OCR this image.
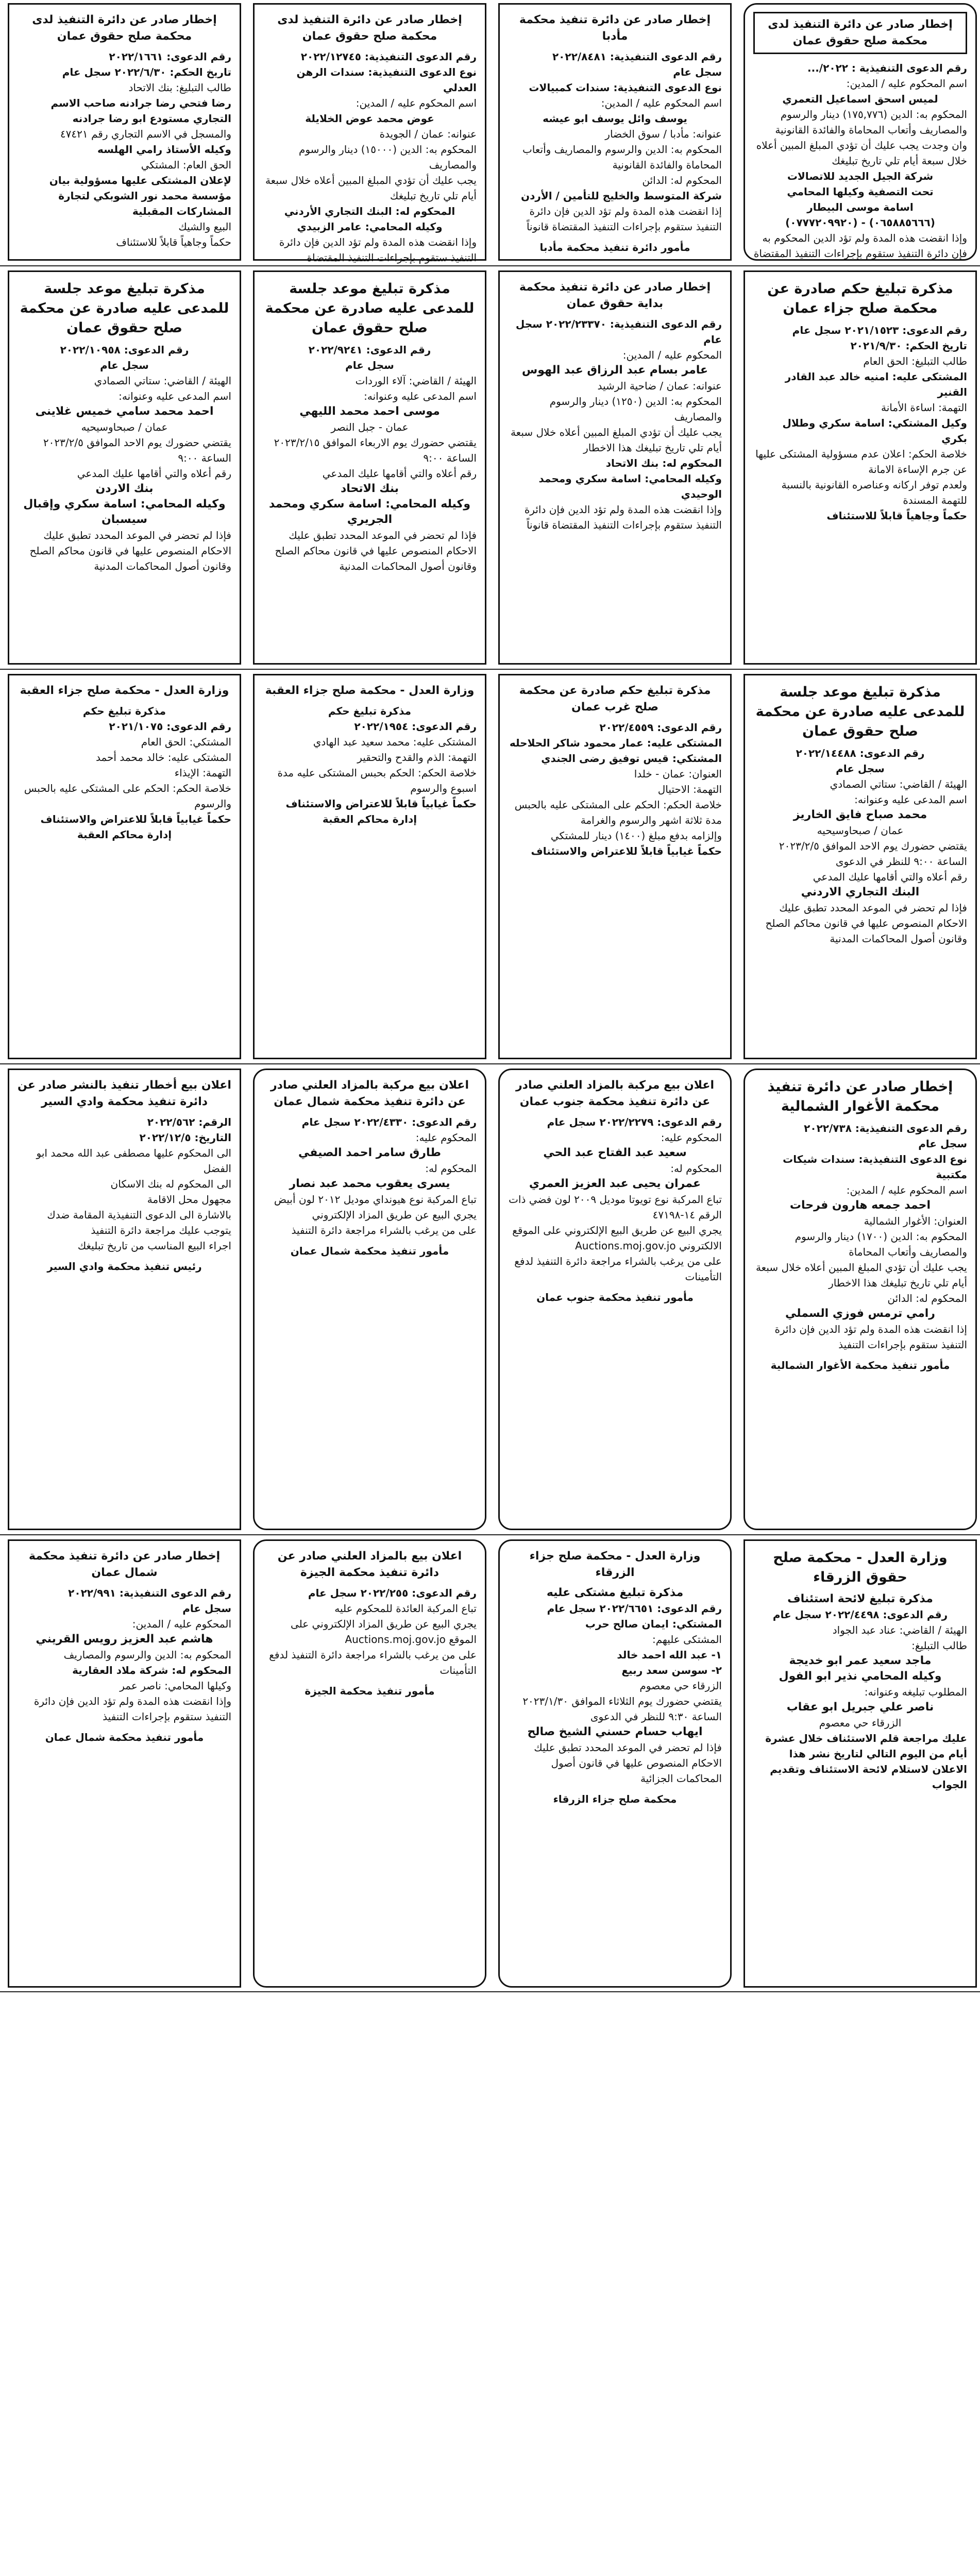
إخطار صادر عن دائرة التنفيذ لدى محكمة صلح حقوق عمان

رقم الدعوى التنفيذية : ٢٠٢٢/...

اسم المحكوم عليه / المدين:

لميس اسحق اسماعيل التعمري

المحكوم به: الدين (١٧٥,٧٧٦) دينار والرسوم والمصاريف وأتعاب المحاماة والفائدة القانونية

وان وجدت يجب عليك أن تؤدي المبلغ المبين أعلاه خلال سبعة أيام تلي تاريخ تبليغك

شركة الجيل الجديد للاتصالات

تحت التصفية وكيلها المحامي

اسامة موسى البيطار

(٠٦٥٨٨٥٦٦٦) - (٠٧٧٧٢٠٩٩٢٠)

وإذا انقضت هذه المدة ولم تؤد الدين المحكوم به فإن دائرة التنفيذ ستقوم بإجراءات التنفيذ المقتضاة

مذكرة تبليغ حكم صادرة عن محكمة صلح جزاء عمان

رقم الدعوى: ٢٠٢١/١٥٢٣ سجل عام

تاريخ الحكم: ٢٠٢١/٩/٣٠

طالب التبليغ: الحق العام

المشتكى عليه: امنيه خالد عبد القادر القنير

التهمة: اساءة الأمانة

وكيل المشتكي: اسامة سكري وطلال بكري

خلاصة الحكم: اعلان عدم مسؤولية المشتكى عليها عن جرم الإساءة الامانة

ولعدم توفر اركانه وعناصره القانونية بالنسبة للتهمة المسندة

حكماً وجاهياً قابلاً للاستئناف

مذكرة تبليغ موعد جلسة للمدعى عليه صادرة عن محكمة صلح حقوق عمان

رقم الدعوى: ٢٠٢٢/١٤٤٨٨

سجل عام

الهيئة / القاضي: ستاتي الصمادي

اسم المدعى عليه وعنوانه:

محمد صباح فايق الخاريز

عمان / صبحاوسيحيه

يقتضي حضورك يوم الاحد الموافق ٢٠٢٣/٢/٥ الساعة ٩:٠٠ للنظر في الدعوى

رقم أعلاه والتي أقامها عليك المدعي

البنك التجاري الاردني

فإذا لم تحضر في الموعد المحدد تطبق عليك الاحكام المنصوص عليها في قانون محاكم الصلح وقانون أصول المحاكمات المدنية

إخطار صادر عن دائرة تنفيذ محكمة الأغوار الشمالية

رقم الدعوى التنفيذية: ٢٠٢٢/٧٣٨

سجل عام

نوع الدعوى التنفيذية: سندات شيكات مكتبية

اسم المحكوم عليه / المدين:

احمد جمعه هارون فرحات

العنوان: الأغوار الشمالية

المحكوم به: الدين (١٧٠٠) دينار والرسوم والمصاريف وأتعاب المحاماة

يجب عليك أن تؤدي المبلغ المبين أعلاه خلال سبعة أيام تلي تاريخ تبليغك هذا الاخطار

المحكوم له: الدائن

رامي ترمس فوزي السملي

إذا انقضت هذه المدة ولم تؤد الدين فإن دائرة التنفيذ ستقوم بإجراءات التنفيذ

مأمور تنفيذ محكمة الأغوار الشمالية
وزارة العدل - محكمة صلح حقوق الزرقاء

مذكرة تبليغ لائحة استئناف

رقم الدعوى: ٢٠٢٢/٤٤٩٨ سجل عام

الهيئة / القاضي: عناد عبد الجواد

طالب التبليغ:

ماجد سعيد عمر ابو خديجة

وكيله المحامي نذير ابو الفول

المطلوب تبليغه وعنوانه:

ناصر علي جبريل ابو عقاب

الزرقاء حي معصوم

عليك مراجعة قلم الاستئناف خلال عشرة أيام من اليوم التالي لتاريخ نشر هذا الاعلان لاستلام لائحة الاستئناف وتقديم الجواب

إخطار صادر عن دائرة تنفيذ محكمة مأدبا

رقم الدعوى التنفيذية: ٢٠٢٢/٨٤٨١

سجل عام

نوع الدعوى التنفيذية: سندات كمبيالات

اسم المحكوم عليه / المدين:

يوسف وائل يوسف ابو عيشه

عنوانه: مأدبا / سوق الخضار

المحكوم به: الدين والرسوم والمصاريف وأتعاب المحاماة والفائدة القانونية

المحكوم له: الدائن

شركة المتوسط والخليج للتأمين / الأردن

إذا انقضت هذه المدة ولم تؤد الدين فإن دائرة التنفيذ ستقوم بإجراءات التنفيذ المقتضاة قانوناً

مأمور دائرة تنفيذ محكمة مأدبا
إخطار صادر عن دائرة تنفيذ محكمة بداية حقوق عمان

رقم الدعوى التنفيذية: ٢٠٢٢/٢٣٣٧٠ سجل عام

المحكوم عليه / المدين:

عامر بسام عبد الرزاق عبد الهوس

عنوانه: عمان / ضاحية الرشيد

المحكوم به: الدين (١٢٥٠) دينار والرسوم والمصاريف

يجب عليك أن تؤدي المبلغ المبين أعلاه خلال سبعة أيام تلي تاريخ تبليغك هذا الاخطار

المحكوم له: بنك الاتحاد

وكيله المحامي: اسامة سكري ومحمد الوحيدي

وإذا انقضت هذه المدة ولم تؤد الدين فإن دائرة التنفيذ ستقوم بإجراءات التنفيذ المقتضاة قانوناً

مذكرة تبليغ حكم صادرة عن محكمة صلح غرب عمان

رقم الدعوى: ٢٠٢٢/٤٥٥٩

المشتكى عليه: عمار محمود شاكر الحلاحله

المشتكي: قيس توفيق رضى الجندي

العنوان: عمان - خلدا

التهمة: الاحتيال

خلاصة الحكم: الحكم على المشتكى عليه بالحبس مدة ثلاثة اشهر والرسوم والغرامة

وإلزامه بدفع مبلغ (١٤٠٠) دينار للمشتكي

حكماً غيابياً قابلاً للاعتراض والاستئناف

اعلان بيع مركبة بالمزاد العلني صادر عن دائرة تنفيذ محكمة جنوب عمان

رقم الدعوى: ٢٠٢٢/٢٢٧٩ سجل عام

المحكوم عليه:

سعيد عبد الفتاح عبد الحي

المحكوم له:

عمران يحيى عبد العزيز العمري

تباع المركبة نوع تويوتا موديل ٢٠٠٩ لون فضي ذات الرقم ١٤-٤٧١٩٨

يجري البيع عن طريق البيع الإلكتروني على الموقع الالكتروني Auctions.moj.gov.jo

على من يرغب بالشراء مراجعة دائرة التنفيذ لدفع التأمينات

مأمور تنفيذ محكمة جنوب عمان
وزارة العدل - محكمة صلح جزاء الزرقاء

مذكرة تبليغ مشتكى عليه

رقم الدعوى: ٢٠٢٢/٦٦٥١ سجل عام

المشتكي: ايمان صالح حرب

المشتكى عليهم:

١- عبد الله احمد خالد

٢- سوسن سعد ربيع

الزرقاء حي معصوم

يقتضي حضورك يوم الثلاثاء الموافق ٢٠٢٣/١/٣٠ الساعة ٩:٣٠ للنظر في الدعوى

ايهاب حسام حسني الشيخ صالح

فإذا لم تحضر في الموعد المحدد تطبق عليك الاحكام المنصوص عليها في قانون أصول المحاكمات الجزائية

محكمة صلح جزاء الزرقاء

إخطار صادر عن دائرة التنفيذ لدى محكمة صلح حقوق عمان

رقم الدعوى التنفيذية: ٢٠٢٢/١٢٧٤٥

نوع الدعوى التنفيذية: سندات الرهن العدلي

اسم المحكوم عليه / المدين:

عوض محمد عوض الخلايلة

عنوانه: عمان / الجويدة

المحكوم به: الدين (١٥٠٠٠) دينار والرسوم والمصاريف

يجب عليك أن تؤدي المبلغ المبين أعلاه خلال سبعة أيام تلي تاريخ تبليغك

المحكوم له: البنك التجاري الأردني

وكيله المحامي: عامر الزبيدي

وإذا انقضت هذه المدة ولم تؤد الدين فإن دائرة التنفيذ ستقوم بإجراءات التنفيذ المقتضاة

مذكرة تبليغ موعد جلسة للمدعى عليه صادرة عن محكمة صلح حقوق عمان

رقم الدعوى: ٢٠٢٢/٩٢٤١

سجل عام

الهيئة / القاضي: آلاء الوردات

اسم المدعى عليه وعنوانه:

موسى احمد محمد الليهي

عمان - جبل النصر

يقتضي حضورك يوم الاربعاء الموافق ٢٠٢٣/٢/١٥ الساعة ٩:٠٠

رقم أعلاه والتي أقامها عليك المدعي

بنك الاتحاد

وكيله المحامي: اسامة سكري ومحمد الجريري

فإذا لم تحضر في الموعد المحدد تطبق عليك الاحكام المنصوص عليها في قانون محاكم الصلح وقانون أصول المحاكمات المدنية

وزارة العدل - محكمة صلح جزاء العقبة

مذكرة تبليغ حكم

رقم الدعوى: ٢٠٢٢/١٩٥٤

المشتكى عليه: محمد سعيد عبد الهادي

التهمة: الذم والقدح والتحقير

خلاصة الحكم: الحكم بحبس المشتكى عليه مدة اسبوع والرسوم

حكماً غيابياً قابلاً للاعتراض والاستئناف

إدارة محاكم العقبة

اعلان بيع مركبة بالمزاد العلني صادر عن دائرة تنفيذ محكمة شمال عمان

رقم الدعوى: ٢٠٢٢/٤٣٣٠ سجل عام

المحكوم عليه:

طارق سامر احمد الصيفي

المحكوم له:

يسرى يعقوب محمد عبد نصار

تباع المركبة نوع هيونداي موديل ٢٠١٢ لون أبيض

يجري البيع عن طريق المزاد الإلكتروني

على من يرغب بالشراء مراجعة دائرة التنفيذ

مأمور تنفيذ محكمة شمال عمان
اعلان بيع بالمزاد العلني صادر عن دائرة تنفيذ محكمة الجيزة

رقم الدعوى: ٢٠٢٢/٢٥٥ سجل عام

تباع المركبة العائدة للمحكوم عليه

يجري البيع عن طريق المزاد الإلكتروني على الموقع Auctions.moj.gov.jo

على من يرغب بالشراء مراجعة دائرة التنفيذ لدفع التأمينات

مأمور تنفيذ محكمة الجيزة

إخطار صادر عن دائرة التنفيذ لدى محكمة صلح حقوق عمان

رقم الدعوى: ٢٠٢٢/١٦٦١

تاريخ الحكم: ٢٠٢٢/٦/٣٠ سجل عام

طالب التبليغ: بنك الاتحاد

رضا فتحي رضا جرادنه صاحب الاسم التجاري مستودع ابو رضا جرادنه

والمسجل في الاسم التجاري رقم ٤٧٤٢١

وكيله الأستاذ رامي الهلسه

الحق العام: المشتكي

لإعلان المشتكى عليها مسؤولية بيان مؤسسة محمد نور الشوبكي لتجارة المشاركات المقبلية

البيع والشيك

حكماً وجاهياً قابلاً للاستئناف

مذكرة تبليغ موعد جلسة للمدعى عليه صادرة عن محكمة صلح حقوق عمان

رقم الدعوى: ٢٠٢٢/١٠٩٥٨

سجل عام

الهيئة / القاضي: ستاتي الصمادي

اسم المدعى عليه وعنوانه:

احمد محمد سامي خميس غلاينى

عمان / صبحاوسيحيه

يقتضي حضورك يوم الاحد الموافق ٢٠٢٣/٢/٥ الساعة ٩:٠٠

رقم أعلاه والتي أقامها عليك المدعي

بنك الاردن

وكيله المحامي: اسامة سكري وإقبال سيسبان

فإذا لم تحضر في الموعد المحدد تطبق عليك الاحكام المنصوص عليها في قانون محاكم الصلح وقانون أصول المحاكمات المدنية

وزارة العدل - محكمة صلح جزاء العقبة

مذكرة تبليغ حكم

رقم الدعوى: ٢٠٢١/١٠٧٥

المشتكي: الحق العام

المشتكى عليه: خالد محمد أحمد

التهمة: الإيذاء

خلاصة الحكم: الحكم على المشتكى عليه بالحبس والرسوم

حكماً غيابياً قابلاً للاعتراض والاستئناف

إدارة محاكم العقبة

اعلان بيع أخطار تنفيذ بالنشر صادر عن دائرة تنفيذ محكمة وادي السير

الرقم: ٢٠٢٢/٥٦٢

التاريخ: ٢٠٢٢/١٢/٥

الى المحكوم عليها مصطفى عبد الله محمد ابو الفضل

الى المحكوم له بنك الاسكان

مجهول محل الاقامة

بالاشارة الى الدعوى التنفيذية المقامة ضدك يتوجب عليك مراجعة دائرة التنفيذ

اجراء البيع المناسب من تاريخ تبليغك

رئيس تنفيذ محكمة وادي السير
إخطار صادر عن دائرة تنفيذ محكمة شمال عمان

رقم الدعوى التنفيذية: ٢٠٢٢/٩٩١

سجل عام

المحكوم عليه / المدين:

هاشم عبد العزيز رويس القريني

المحكوم به: الدين والرسوم والمصاريف

المحكوم له: شركة ملاد العقارية

وكيلها المحامي: ناصر عمر

وإذا انقضت هذه المدة ولم تؤد الدين فإن دائرة التنفيذ ستقوم بإجراءات التنفيذ

مأمور تنفيذ محكمة شمال عمان
